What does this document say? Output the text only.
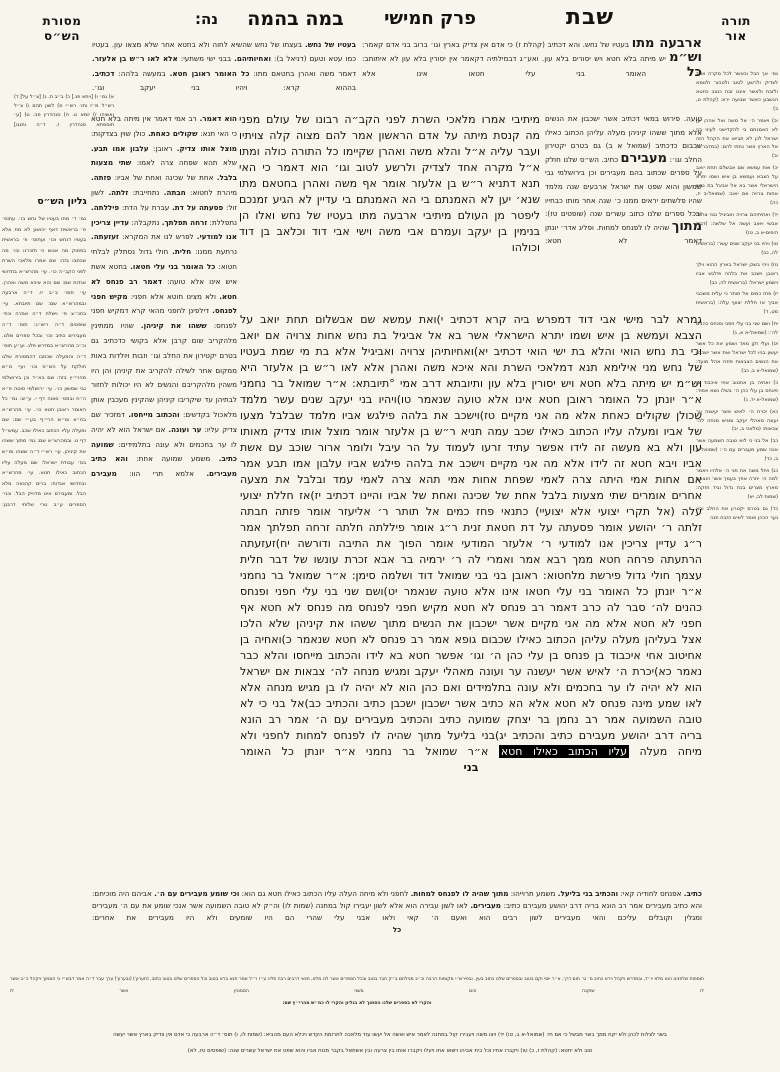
מסורת
הש״ס
נה:	במה בהמה פרק חמישי	שבת	תורה
אור
א) גמ׳ ו) [ויתא פנ.] כ) ב״ב ת. ג) [צ״ל על] ד) רש״ל מ״ז ותו׳ רש״י ס) לשון תהם ו) צ״ל ואשיהו ז) יומא ט. ח) סנהדרין פב. ט) [ע׳ תוספתא סנהדרין ז. ד״ה ותגנו]
גליון הש״ס
גמ׳ ד׳ מתו בעטיו של נחש בו׳. עתוס׳ פ׳ בראשית דאף יהושע לא מת אלא בעטיו דנחש וכו׳ ועתוס׳ פ׳ בראשית בפסוק מה אנוש כי תזכרנו וכו׳ מה שכתבו בזה: שם אמרו מלאכי השרת לפני הקב״ה כו׳. עי׳ מהרש״א בחדושי אגדות שם: שם והא איכא משה ואהרן. עי׳ תוס׳ ב״ב יז. ד״ה ארבעה ובמהרש״א שם: שם תיובתא. עי׳ בחכ״צ פ׳ וישלח ד״ה אמרה וכפ׳ שופטים ד״ה ריש״ג: תוס׳ ד״ה מעבירים כתיב וכו׳ ובכל ספרים שלנו. וכ״כ מהרש״א במדרש פלג. וע״ע תוס׳ ד״ה והמעלה שכתבו דהמסורת שלנו חולקת על הש״ס וכו׳ ועי׳ מ״ש מהרי״ץ בזה: שם בא״ד וכן בירושלמי גבי שמשון כו׳. עי׳ ירושלמי סוטה פ״א ה״ח ובמס׳ סוטה דף י. ע״ש: גמ׳ כל האומר ראובן חטא כו׳. עי׳ מהרש״א בח״א ומ״ש הרי״ף בע״י שם: שם ומעלה עליו הכתוב כאילו שכב. עמש״ל דף נו. ובמהרש״א שם: גמ׳ מתוך ששהו את קיניהן. עי׳ רש״י ד״ה ששהו ומ״ש בס׳ עבודת ישראל: שם מעלה עליו הכתוב כאילו חטא. עי׳ מהרש״א ובחדושי אגדות: ברים קהנאה מלא הבל. ומעבירם אינו מדוייק הבל. וכגי׳ הספרים ע״ב טרי שלוחי דרבנן:
בעטיו של נחש. בעצתו של נחש שהשיא לחוה ולא בחטא אחר שלא מצאו עון. בעטיו כמו עטא וטעם (דניאל ב): ואחיותיהם. בבני ישי משתעי: אלא לאו ר״ש בן אלעזר. דאמר משה ואהרן בחטאם מתו: כל האומר ראובן חטא. במעשה בלהה: דכתיב. בההוא קרא: ויהיו בני יעקב וגו׳.
הוא דאמר. רב אמי דאמר אין מיתה בלא חטא כי האי תנא: שקולים כאחת. כולן שוין בצדקות: מוצל אותו צדיק. ראובן: עלבון אמו תבע. שלא תהא שפחה צרה לאמו: שתי מצעות בלבל. אחת של שכינה ואחת של אביו: פזתה. מיהרת לחטוא: חבתה. נתחייבת: זלתה. לשון זול: פסעתה על דת. עברת על הדת: פיללתה. נתפללת: זרחה תפלתך. נתקבלה: עדיין צריכין אנו למודעי. לפרש לנו את המקרא: זעזעתה. נרתעת ממנו: חלית. חולי גדול נסתלק לבלתי חטוא: כל האומר בני עלי חטאו. בחטא אשת איש אינו אלא טועה: דאמר רב פנחס לא חטא. ולא מצינו חוטא אלא חפני: מקיש חפני לפנחס. דילפינן לחפני מהאי קרא דמקיש חפני לפנחס: ששהו את קיניהן. שהיו ממתינין מלהקריב שום קרבן אלא בקושי כדכתיב גם בטרם יקטירון את החלב וגו׳ וזבות ויולדות באות ממקום אחר לשילה להקריב את קיניהן והן היו משהין מלהקריבם והנשים לא היו יכולות לחזור לבתיהן עד שיקריבו קיניהן שהקינין מעכבין אותן מלאכול בקדשים: והכתוב מייחסו. דמזכיר שם צדיק עליו: ער ועונה. אם ישראל הוא לא יהיה לו ער בחכמים ולא עונה בתלמידים: שמועה כתיב. משמע שמועה אחת: והא כתיב מעבירים. אלמא תרי הוו: מעבירם
ארבעה מתו בעטיו של נחש. והא דכתיב (קהלת ז) כי אדם אין צדיק בארץ וגו׳ ברוב בני אדם קאמר: וש״מ יש מיתה בלא חטא ויש יסורים בלא עון. ואע״ג דבמילתיה דקאמר אין יסורין בלא עון לא איתותב: כל האומר בני עלי חטאו אינו אלא
טועה. פירוש במאי דכתיב אשר ישכבון את הנשים אלא מתוך ששהו קיניהן מעלה עליהן הכתוב כאילו שכבום כדכתיב (שמואל א ב) גם בטרם יקטירון החלב וגו׳: מעבירם כתיב. הש״ס שלנו חולק על ספרים שכתוב בהם מעבירים וכן בירושלמי גבי שמשון והוא שפט את ישראל ארבעים שנה מלמד שהיו פלשתים יראים ממנו כ׳ שנה אחר מותו כבחייו ובכל ספרים שלנו כתוב עשרים שנה (שופטים טז): מתוך שהיה לו לפנחס למחות. ופליג אדר׳ יונתן דאמר לא חטא:
מיתיבי אמרו מלאכי השרת לפני הקב״ה רבונו של עולם מפני מה קנסת מיתה על אדם הראשון אמר להם מצוה קלה צויתיו ועבר עליה א״ל והלא משה ואהרן שקיימו כל התורה כולה ומתו א״ל מקרה אחד לצדיק ולרשע לטוב וגו׳ הוא דאמר כי האי תנא דתניא ר״ש בן אלעזר אומר אף משה ואהרן בחטאם מתו שנא׳ יען לא האמנתם בי הא האמנתם בי עדיין לא הגיע זמנכם ליפטר מן העולם מיתיבי ארבעה מתו בעטיו של נחש ואלו הן בנימין בן יעקב ועמרם אבי משה וישי אבי דוד וכלאב בן דוד וכולהו
גמרא לבר מישי אבי דוד דמפרש ביה קרא דכתיב י)ואת עמשא שם אבשלום תחת יואב על הצבא ועמשא בן איש ושמו יתרא הישראלי אשר בא אל אביגיל בת נחש אחות צרויה אם יואב וכי בת נחש הואי והלא בת ישי הואי דכתיב יא)ואחיותיהן צרויה ואביגיל אלא בת מי שמת בעטיו של נחש מני אילימא תנא דמלאכי השרת והא איכא משה ואהרן אלא לאו ר״ש בן אלעזר היא וש״מ יש מיתה בלא חטא ויש יסורין בלא עון ותיובתא דרב אמי °תיובתא: א״ר שמואל בר נחמני א״ר יונתן כל האומר ראובן חטא אינו אלא טועה שנאמר טו)ויהיו בני יעקב שנים עשר מלמד שכולן שקולים כאחת אלא מה אני מקיים טז)וישכב את בלהה פילגש אביו מלמד שבלבל מצעו של אביו ומעלה עליו הכתוב כאילו שכב עמה תניא ר״ש בן אלעזר אומר מוצל אותו צדיק מאותו עון ולא בא מעשה זה לידו אפשר עתיד זרעו לעמוד על הר עיבל ולומר ארור שוכב עם אשת אביו ויבא חטא זה לידו אלא מה אני מקיים וישכב את בלהה פילגש אביו עלבון אמו תבע אמר אם אחות אמי היתה צרה לאמי שפחת אחות אמי תהא צרה לאמי עמד ובלבל את מצעה אחרים אומרים שתי מצעות בלבל אחת של שכינה ואחת של אביו והיינו דכתיב יז)אז חללת יצועי עלה (אל תקרי יצועי אלא יצועיי) כתנאי פחז כמים אל תותר ר׳ אליעזר אומר פזתה חבתה זלתה ר׳ יהושע אומר פסעתה על דת חטאת זנית ר״ג אומר פיללתה חלתה זרחה תפלתך אמר ר״ג עדיין צריכין אנו למודעי ר׳ אלעזר המודעי אומר הפוך את התיבה ודורשה יח)זעזעתה הרתעתה פרחה חטא ממך רבא אמר ואמרי לה ר׳ ירמיה בר אבא זכרת עונשו של דבר חלית עצמך חולי גדול פירשת מלחטוא: ראובן בני בני שמואל דוד ושלמה סימן: א״ר שמואל בר נחמני א״ר יונתן כל האומר בני עלי חטאו אינו אלא טועה שנאמר יט)ושם שני בני עלי חפני ופנחס כהנים לה׳ סבר לה כרב דאמר רב פנחס לא חטא מקיש חפני לפנחס מה פנחס לא חטא אף חפני לא חטא אלא מה אני מקיים אשר ישכבון את הנשים מתוך ששהו את קיניהן שלא הלכו אצל בעליהן מעלה עליהן הכתוב כאילו שכבום גופא אמר רב פנחס לא חטא שנאמר כ)ואחיה בן אחיטוב אחי איכבוד בן פנחס בן עלי כהן ה׳ וגו׳ אפשר חטא בא לידו והכתוב מייחסו והלא כבר נאמר כא)יכרת ה׳ לאיש אשר יעשנה ער ועונה מאהלי יעקב ומגיש מנחה לה׳ צבאות אם ישראל הוא לא יהיה לו ער בחכמים ולא עונה בתלמידים ואם כהן הוא לא יהיה לו בן מגיש מנחה אלא לאו שמע מינה פנחס לא חטא אלא הא כתיב אשר ישכבון ישכבן כתיב והכתיב כב)אל בני כי לא טובה השמועה אמר רב נחמן בר יצחק שמועה כתיב והכתיב מעבירים עם ה׳ אמר רב הונא בריה דרב יהושע מעבירם כתיב והכתיב יג)בני בליעל מתוך שהיה לו לפנחס למחות לחפני ולא מיחה מעלה עליו הכתוב כאילו חטא א״ר שמואל בר נחמני א״ר יונתן כל האומר
בני
גמ׳ אך הבל וכאשר לכל מקרה אחד לצדיק ולרשע לטוב ולטהור ולטמא ולזבח ולאשר איננו זבח כטוב כחטא הנשבע כאשר שבועה ירא: (קהלת ט, ב)
יב) ויאמר ה׳ אל משה ואל אהרן יען לא האמנתם בי להקדישני לעיני בני ישראל לכן לא תביאו את הקהל הזה אל הארץ אשר נתתי להם: (במדבר כ, יב)
יג) ואת עמשא שם אבשלם תחת יואב על הצבא ועמשא בן איש ושמו יתרא הישראלי אשר בא אל אביגל בת נחש אחות צרויה אם יואב: (שמואל-ב יז, כה)
יד) ואחיתיהם צרויה ואביגיל ובני צרויה אבשי ויואב ועשה אל שלשה: (דברי הימים-א ב, טז)
טו) ויהיו בני יעקב שנים עשר: (בראשית לה, כב)
טז) ויהי בשכן ישראל בארץ ההוא וילך ראובן וישכב את בלהה פילגש אביו וישמע ישראל: (בראשית לה, כב)
יז) פחז כמים אל תותר כי עלית משכבי אביך אז חללת יצועי עלה: (בראשית מט, ד)
יח) ושם שני בני עלי חפני ופנחס כהנים לה׳: (שמואל-א א, ג)
יט) ועלי זקן מאד ושמע את כל אשר יעשון בניו לכל ישראל ואת אשר ישכבון את הנשים הצבאות פתח אהל מועד: (שמואל-א ב, כב)
כ) ואחיה בן אחטוב אחי איכבוד בן פינחס בן עלי כהן ה׳ בשלו נשא אפוד: (שמואל-א יד, ג)
כא) יכרת ה׳ לאיש אשר יעשנה ער ועונה מאהלי יעקב ומגיש מנחה לה׳ צבאות: (מלאכי ב, יב)
כב) אל בני כי לוא טובה השמעה אשר אנכי שמע מעברים עם ה׳: (שמואל-א ב, כד)
כג) ויחל משה את פני ה׳ אלהיו ויאמר למה ה׳ יחרה אפך בעמך אשר הוצאת מארץ מצרים בכח גדול וביד חזקה: (שמות לב, יא)
כד) גם בטרם יקטרון את החלב ובא נער הכהן ואמר לאיש הזבח תנה
כתיב. אפנחס לחודיה קאי: והכתיב בני בליעל. משמע תרוייהו: מתוך שהיה לו לפנחס למחות. לחפני ולא מיחה העלה עליו הכתוב כאילו חטא גם הוא: וכי שומע מעבירים עם ה׳. אביהם היה מוכיחם: והא כתיב מעבירים אמר רב הונא בריה דרב יהושע מעבירם כתיב: מעבירים. לאו לשון עבירה הוא אלא לשון יעבירו קול במחנה (שמות לו) וה״ק לא טובה השמועה אשר אנכי שומע את עם ה׳ מעבירים ומגלין וקובלים עליכם והאי מעבירים לשון רבים הוא ואעם ה׳ קאי ולאו אבני עלי שהרי הם היו שומעים ולא היו מעבירים את אחרים:
כל
תוספות שלפנינו הוא מלא יו״ד, ובמדרש ויקהל וירא כתיב מ׳ ט׳ תום דרך, א״ר יוסי וקם בטוב ובספרים שלנו כתוב בעין. ובפירש״י מקומות הרבה וכ״ב מגילתם ב״ק חבר בטוב ובכל הספרים אשר לנו מלא, תנאי דרבים רבה פליג ע״ז ר״ל אמר תנא ברא בטוב וכל הספרים שלנו בטוב כתוב, (תערוך) [ובערוך] ערך עבר ד״ה אמר דבש״י כי הסמוך ויקהל כ״ב אשר לו שוקנה והם משני הסמוכין אשר לו
והקרי לא בספרים שלנו הסמוך לא בגליון והקרי לו כמ״ש מהרי״ץ שם:
בשר לצלות לכהן ולא יקח ממך בשר מבשל כי אם חי: (שמואל-א ב, טו) יד) ויצו משה ויעבירו קול במחנה לאמר איש ואשה אל יעשו עוד מלאכה לתרומת הקדש ויכלא העם מהביא: (שמות לו, ו) תוס׳ ד״ה ארבעה כי אדם אין צדיק בארץ אשר יעשה
טוב ולא יחטא: (קהלת ז, כ) טו) ויקברו אחיו וכל בית אביהו וישאו אתו ויעלו ויקברו אותו בין צרעה ובין אשתאל בקבר מנוח אביו והוא שפט את ישראל עשרים שנה: (שופטים טז, לא)
